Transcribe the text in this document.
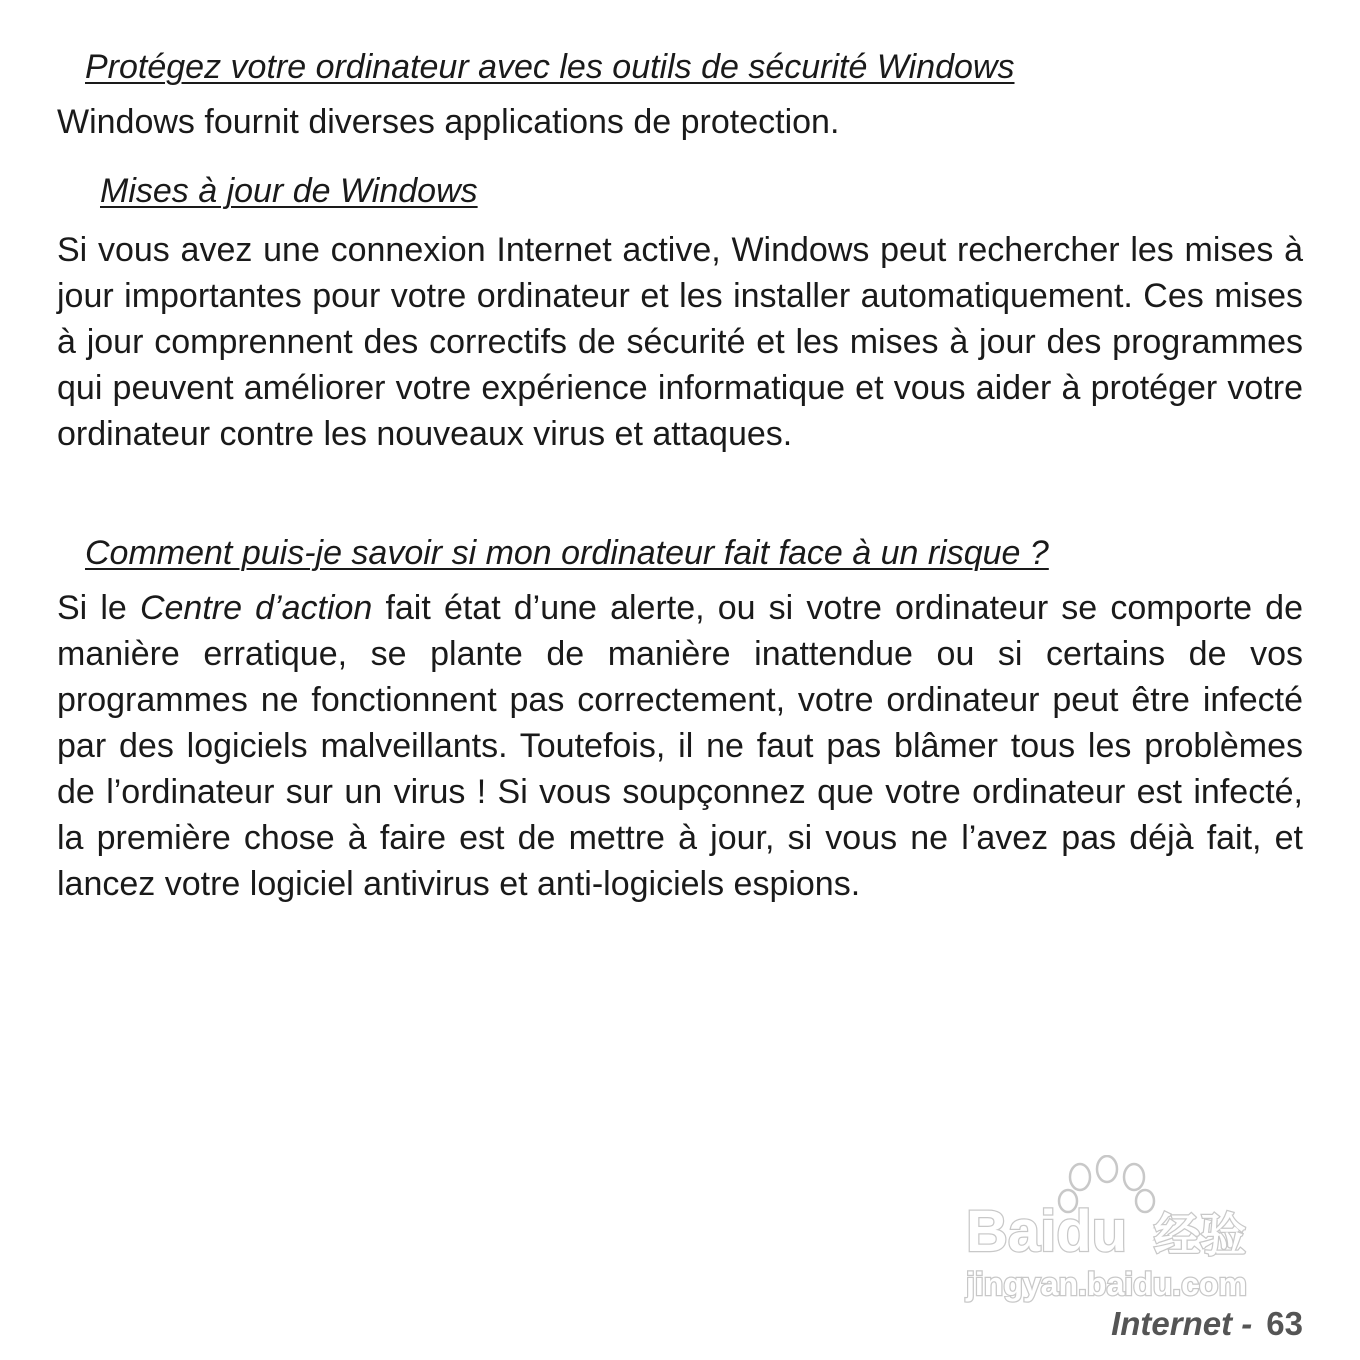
Protégez votre ordinateur avec les outils de sécurité Windows

Windows fournit diverses applications de protection.

Mises à jour de Windows

Si vous avez une connexion Internet active, Windows peut rechercher les mises à jour importantes pour votre ordinateur et les installer automatiquement. Ces mises à jour comprennent des correctifs de sécurité et les mises à jour des programmes qui peuvent améliorer votre expérience informatique et vous aider à protéger votre ordinateur contre les nouveaux virus et attaques.

Comment puis-je savoir si mon ordinateur fait face à un risque ?

Si le Centre d’action fait état d’une alerte, ou si votre ordinateur se comporte de manière erratique, se plante de manière inattendue ou si certains de vos programmes ne fonctionnent pas correctement, votre ordinateur peut être infecté par des logiciels malveillants. Toutefois, il ne faut pas blâmer tous les problèmes de l’ordinateur sur un virus ! Si vous soupçonnez que votre ordinateur est infecté, la première chose à faire est de mettre à jour, si vous ne l’avez pas déjà fait, et lancez votre logiciel antivirus et anti-logiciels espions.

Baidu 经验
jingyan.baidu.com
Internet - 63
